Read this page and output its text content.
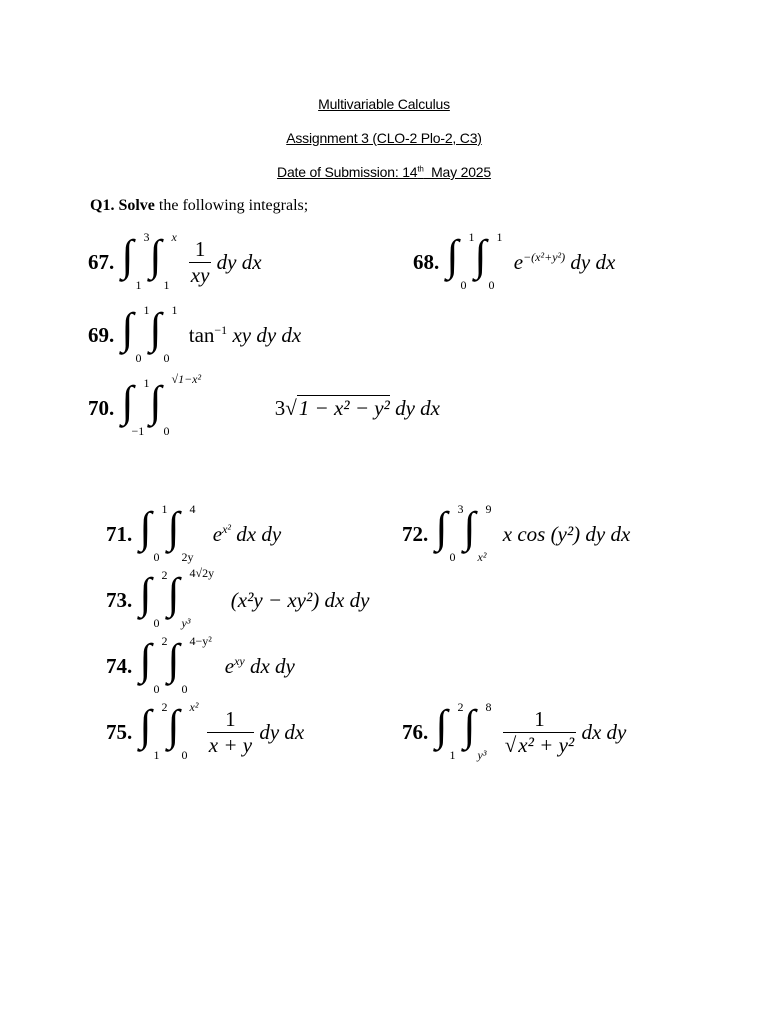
Multivariable Calculus
Assignment 3 (CLO-2 Plo-2, C3)
Date of Submission: 14th  May 2025
Q1. Solve the following integrals;
67. ∫ 3
1
∫ x
1
$\frac{1}{xy}$ dy dx	68. ∫ 1
0
∫ 1
0
$e^{-(x^2+y^2)}$ dy dx
69. ∫ 1
0
∫ 1
0
$\tan^{-1}$ xy dy dx
70. ∫ 1
−1
∫ √1−x²
0
3√1 − x² − y² dy dx
71. ∫ 1
0
∫ 4
2y
$e^{x^2}$ dx dy	72. ∫ 3
0
∫ 9
x²
x cos (y²) dy dx
73. ∫ 2
0
∫ 4√2y
y³
(x²y − xy²) dx dy
74. ∫ 2
0
∫ 4−y²
0
$e^{xy}$ dx dy
75. ∫ 2
1
∫ x²
0
$\frac{1}{x + y}$ dy dx	76. ∫ 2
1
∫ 8
y³
$\frac{1}{\text{√x² + y²}}$ dx dy
